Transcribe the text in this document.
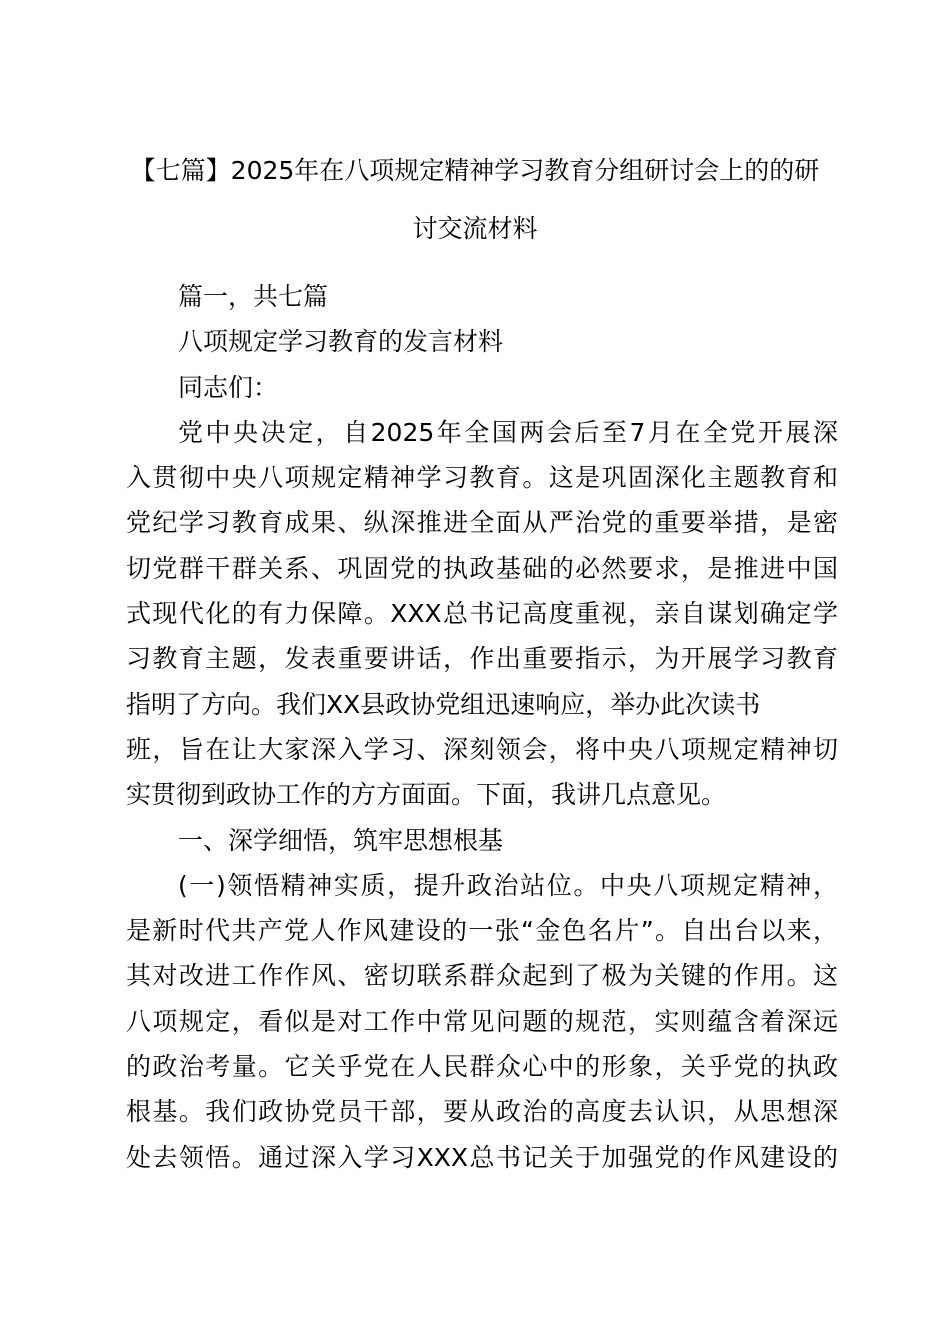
【七篇】2025年在八项规定精神学习教育分组研讨会上的的研
讨交流材料
篇一，共七篇
八项规定学习教育的发言材料
同志们：
党中央决定，自2025年全国两会后至7月在全党开展深
入贯彻中央八项规定精神学习教育。这是巩固深化主题教育和
党纪学习教育成果、纵深推进全面从严治党的重要举措，是密
切党群干群关系、巩固党的执政基础的必然要求，是推进中国
式现代化的有力保障。XXX总书记高度重视，亲自谋划确定学
习教育主题，发表重要讲话，作出重要指示，为开展学习教育
指明了方向。我们XX县政协党组迅速响应，举办此次读书
班，旨在让大家深入学习、深刻领会，将中央八项规定精神切
实贯彻到政协工作的方方面面。下面，我讲几点意见。
一、深学细悟，筑牢思想根基
(一)领悟精神实质，提升政治站位。中央八项规定精神，
是新时代共产党人作风建设的一张“金色名片”。自出台以来，
其对改进工作作风、密切联系群众起到了极为关键的作用。这
八项规定，看似是对工作中常见问题的规范，实则蕴含着深远
的政治考量。它关乎党在人民群众心中的形象，关乎党的执政
根基。我们政协党员干部，要从政治的高度去认识，从思想深
处去领悟。通过深入学习XXX总书记关于加强党的作风建设的
